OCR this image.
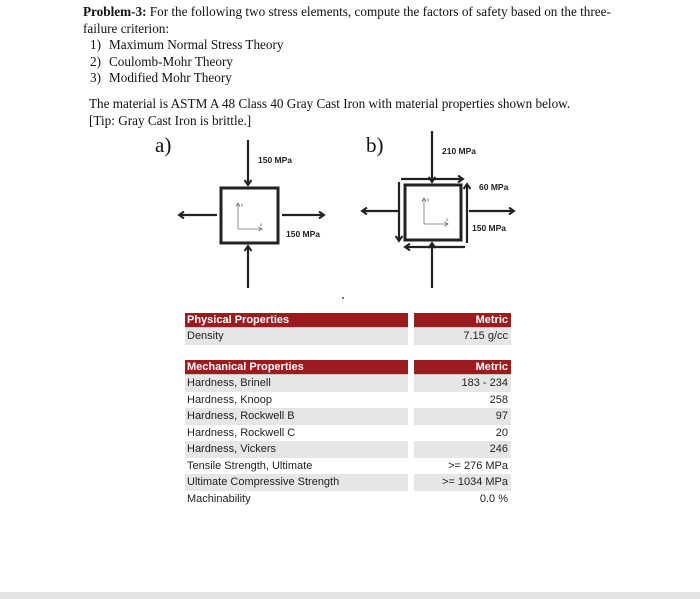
Problem-3: For the following two stress elements, compute the factors of safety based on the three-failure criterion:
1) Maximum Normal Stress Theory
2) Coulomb-Mohr Theory
3) Modified Mohr Theory
The material is ASTM A 48 Class 40 Gray Cast Iron with material properties shown below.
[Tip: Gray Cast Iron is brittle.]
a)	b)
150 MPa
150 MPa
210 MPa
60 MPa
150 MPa
y
x
y
x
Physical Properties	Metric
Density	7.15 g/cc
Mechanical Properties	Metric
Hardness, Brinell	183 - 234
Hardness, Knoop	258
Hardness, Rockwell B	97
Hardness, Rockwell C	20
Hardness, Vickers	246
Tensile Strength, Ultimate	>= 276 MPa
Ultimate Compressive Strength	>= 1034 MPa
Machinability	0.0 %
